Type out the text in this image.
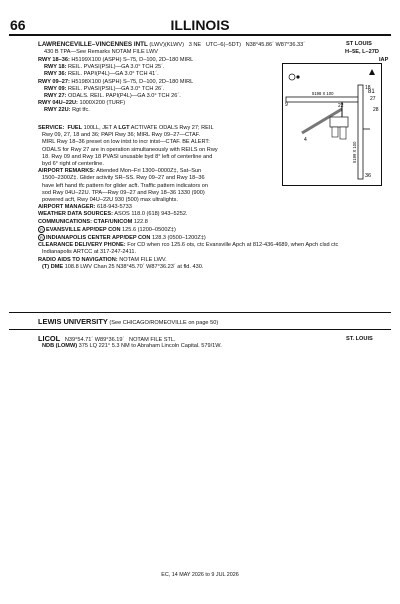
66	ILLINOIS
LAWRENCEVILLE–VINCENNES INTL (LWV)(KLWV) 3 NE UTC–6(–5DT) N38°45.86´ W87°36.33´	ST LOUIS
430 B TPA—See Remarks NOTAM FILE LWV	H–5E, L–27D
IAP
RWY 18–36: H5199X100 (ASPH) S–75, D–100, 2D–180 MIRL
RWY 18: REIL. PVASI(PSIL)—GA 3.0° TCH 25´.
RWY 36: REIL. PAPI(P4L)—GA 3.0° TCH 41´.
RWY 09–27: H5198X100 (ASPH) S–75, D–100, 2D–180 MIRL
RWY 09: REIL. PVASI(PSIL)—GA 3.0° TCH 26´.
RWY 27: ODALS. REIL. PAPI(P4L)—GA 3.0° TCH 26´.
RWY 04U–22U: 1000X200 (TURF)
RWY 22U: Rgt tfc.
SERVICE: FUEL 100LL, JET A LGT ACTIVATE ODALS Rwy 27; REIL
Rwy 09, 27, 18 and 36; PAPI Rwy 36; MIRL Rwy 09–27—CTAF.
MIRL Rwy 18–36 preset on low intst to incr intst—CTAF. BE ALERT:
ODALS for Rwy 27 are in operation simultaneously with REILS on Rwy
18. Rwy 09 and Rwy 18 PVASI unusable byd 8° left of centerline and
byd 6° right of centerline.
AIRPORT REMARKS: Attended Mon–Fri 1300–0000Z‡, Sat–Sun
1500–2300Z‡. Glider activity SR–SS. Rwy 09–27 and Rwy 18–36
have left hand tfc pattern for glider acft. Traffic pattern indicators on
sod Rwy 04U–22U. TPA—Rwy 09–27 and Rwy 18–36 1330 (900)
powered acft, Rwy 04U–22U 930 (500) max ultralights.
AIRPORT MANAGER: 618-943-5733
WEATHER DATA SOURCES: ASOS 118.0 (618) 943–5252.
COMMUNICATIONS: CTAF/UNICOM 122.8
R EVANSVILLE APP/DEP CON 125.6 (1200–0500Z‡)
R INDIANAPOLIS CENTER APP/DEP CON 128.3 (0500–1200Z‡)
CLEARANCE DELIVERY PHONE: For CD when rco 125.6 ots, ctc Evansville Apch at 812-436-4689, when Apch clsd ctc
Indianapolis ARTCC at 317-247-2411.
RADIO AIDS TO NAVIGATION: NOTAM FILE LWV.
(T) DME 108.8 LWV Chan 25 N38°45.70´ W87°36.23´ at fld. 430.
9
27
18
36
4
22
81
28
5198 X 100
5199 X 100
LEWIS UNIVERSITY (See CHICAGO/ROMEOVILLE on page 50)
LICOL N39°54.71´ W89°36.19´ NOTAM FILE STL.	ST. LOUIS
NDB (LOMW) 375 LQ 221° 5.3 NM to Abraham Lincoln Capital. 579/1W.
EC, 14 MAY 2026 to 9 JUL 2026
